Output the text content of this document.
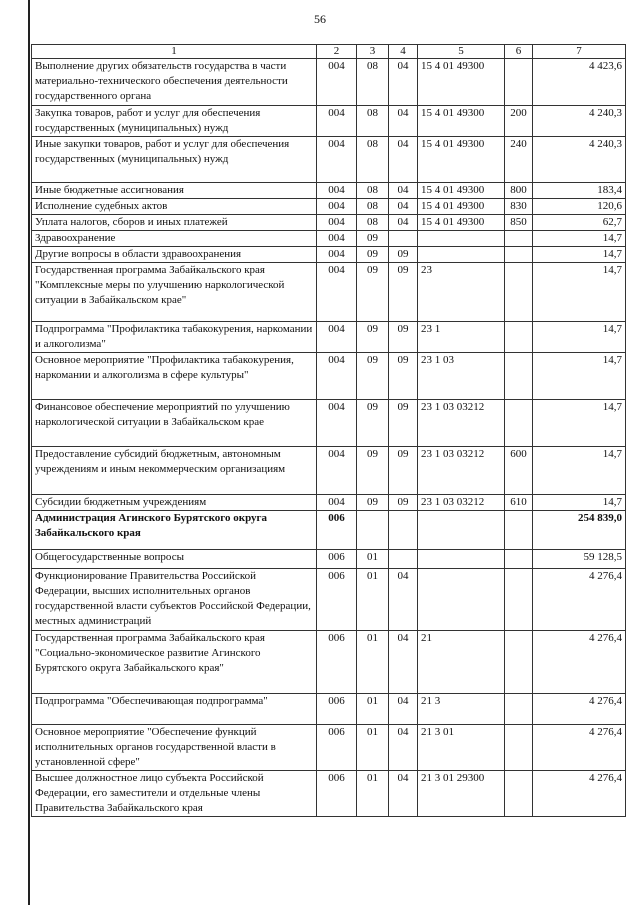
56
1	2	3	4	5	6	7
Выполнение других обязательств государства в части материально-технического обеспечения деятельности государственного органа	004	08	04	15 4 01 49300		4 423,6
Закупка товаров, работ и услуг для обеспечения государственных (муниципальных) нужд	004	08	04	15 4 01 49300	200	4 240,3
Иные закупки товаров, работ и услуг для обеспечения государственных (муниципальных) нужд	004	08	04	15 4 01 49300	240	4 240,3
Иные бюджетные ассигнования	004	08	04	15 4 01 49300	800	183,4
Исполнение судебных актов	004	08	04	15 4 01 49300	830	120,6
Уплата налогов, сборов и иных платежей	004	08	04	15 4 01 49300	850	62,7
Здравоохранение	004	09				14,7
Другие вопросы в области здравоохранения	004	09	09			14,7
Государственная программа Забайкальского края "Комплексные меры по улучшению наркологической ситуации в Забайкальском крае"	004	09	09	23		14,7
Подпрограмма "Профилактика табакокурения, наркомании и алкоголизма"	004	09	09	23 1		14,7
Основное мероприятие "Профилактика табакокурения, наркомании и алкоголизма в сфере культуры"	004	09	09	23 1 03		14,7
Финансовое обеспечение мероприятий по улучшению наркологической ситуации в Забайкальском крае	004	09	09	23 1 03 03212		14,7
Предоставление субсидий бюджетным, автономным учреждениям и иным некоммерческим организациям	004	09	09	23 1 03 03212	600	14,7
Субсидии бюджетным учреждениям	004	09	09	23 1 03 03212	610	14,7
Администрация Агинского Бурятского округа Забайкальского края	006					254 839,0
Общегосударственные вопросы	006	01				59 128,5
Функционирование Правительства Российской Федерации, высших исполнительных органов государственной власти субъектов Российской Федерации, местных администраций	006	01	04			4 276,4
Государственная программа Забайкальского края "Социально-экономическое развитие Агинского Бурятского округа Забайкальского края"	006	01	04	21		4 276,4
Подпрограмма "Обеспечивающая подпрограмма"	006	01	04	21 3		4 276,4
Основное мероприятие "Обеспечение функций исполнительных органов государственной власти в установленной сфере"	006	01	04	21 3 01		4 276,4
Высшее должностное лицо субъекта Российской Федерации, его заместители и отдельные члены Правительства Забайкальского края	006	01	04	21 3 01 29300		4 276,4
